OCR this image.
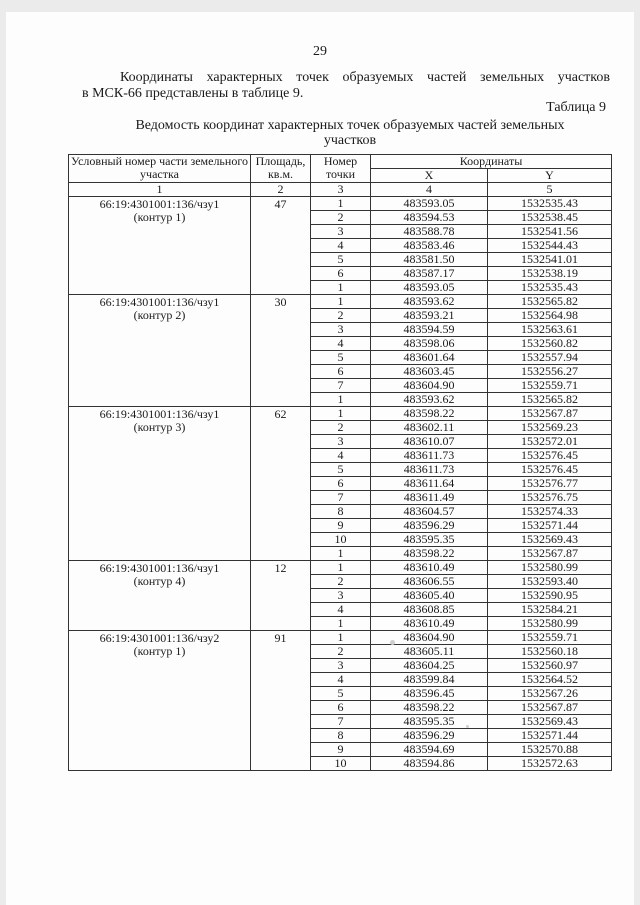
29
Координаты характерных точек образуемых частей земельных участков
в МСК-66 представлены в таблице 9.
Таблица 9
Ведомость координат характерных точек образуемых частей земельных
участков
Условный номер части земельного участка	Площадь, кв.м.	Номер точки	Координаты	
			X	Y
1	2	3	4	5

66:19:4301001:136/чзу1
(контур 1)	47	1	483593.05	1532535.43
		2	483594.53	1532538.45
		3	483588.78	1532541.56
		4	483583.46	1532544.43
		5	483581.50	1532541.01
		6	483587.17	1532538.19
		1	483593.05	1532535.43

66:19:4301001:136/чзу1
(контур 2)	30	1	483593.62	1532565.82
		2	483593.21	1532564.98
		3	483594.59	1532563.61
		4	483598.06	1532560.82
		5	483601.64	1532557.94
		6	483603.45	1532556.27
		7	483604.90	1532559.71
		1	483593.62	1532565.82

66:19:4301001:136/чзу1
(контур 3)	62	1	483598.22	1532567.87
		2	483602.11	1532569.23
		3	483610.07	1532572.01
		4	483611.73	1532576.45
		5	483611.73	1532576.45
		6	483611.64	1532576.77
		7	483611.49	1532576.75
		8	483604.57	1532574.33
		9	483596.29	1532571.44
		10	483595.35	1532569.43
		1	483598.22	1532567.87

66:19:4301001:136/чзу1
(контур 4)	12	1	483610.49	1532580.99
		2	483606.55	1532593.40
		3	483605.40	1532590.95
		4	483608.85	1532584.21
		1	483610.49	1532580.99

66:19:4301001:136/чзу2
(контур 1)	91	1	483604.90	1532559.71
		2	483605.11	1532560.18
		3	483604.25	1532560.97
		4	483599.84	1532564.52
		5	483596.45	1532567.26
		6	483598.22	1532567.87
		7	483595.35	1532569.43
		8	483596.29	1532571.44
		9	483594.69	1532570.88
		10	483594.86	1532572.63
